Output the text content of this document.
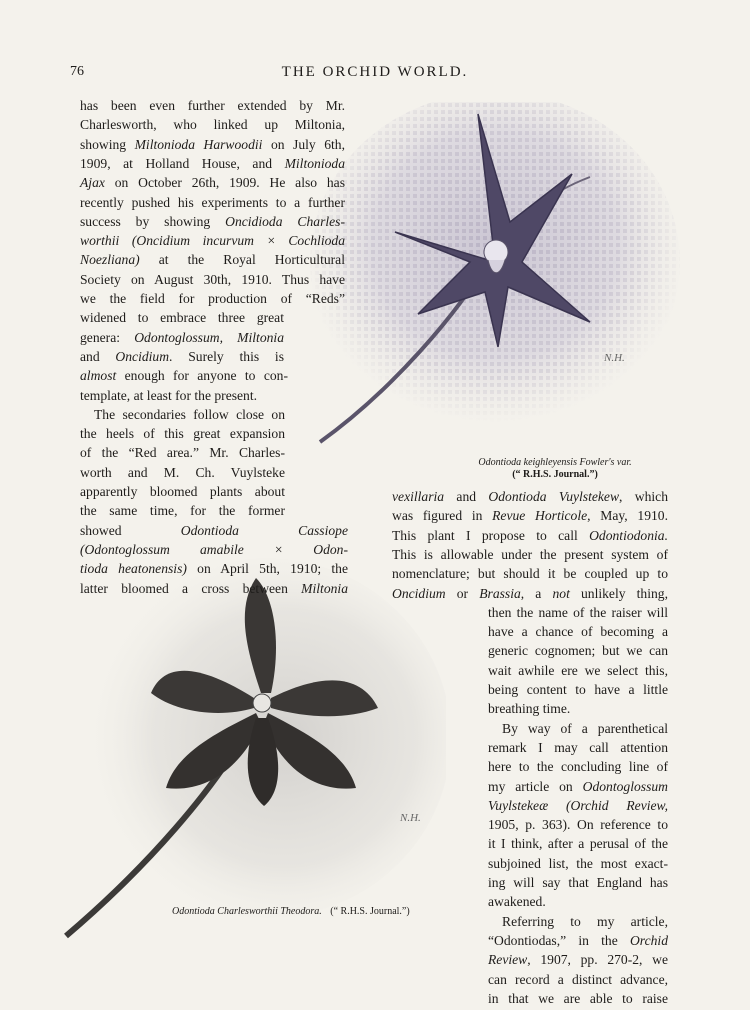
76	THE ORCHID WORLD.
N.H.
Odontioda keighleyensis Fowler's var.
(“ R.H.S. Journal.”)
N.H.
Odontioda Charlesworthii Theodora. (“ R.H.S. Journal.”)
has been even further extended by Mr.
Charlesworth, who linked up Miltonia,
showing Miltonioda Harwoodii on July 6th,
1909, at Holland House, and Miltonioda
Ajax on October 26th, 1909. He also has
recently pushed his experiments to a further
success by showing Oncidioda Charles-
worthii (Oncidium incurvum × Cochlioda
Noezliana) at the Royal Horticultural
Society on August 30th, 1910. Thus have
we the field for production of “Reds”
widened to embrace three great
genera: Odontoglossum, Miltonia
and Oncidium. Surely this is
almost enough for anyone to con-
template, at least for the present.
The secondaries follow close on
the heels of this great expansion
of the “Red area.” Mr. Charles-
worth and M. Ch. Vuylsteke
apparently bloomed plants about
the same time, for the former
showed Odontioda Cassiope
(Odontoglossum amabile × Odon-
tioda heatonensis) on April 5th, 1910; the
latter bloomed a cross between Miltonia
vexillaria and Odontioda Vuylstekew, which
was figured in Revue Horticole, May, 1910.
This plant I propose to call Odontiodonia.
This is allowable under the present system of
nomenclature; but should it be coupled up to
Oncidium or Brassia, a not unlikely thing,
then the name of the raiser will
have a chance of becoming a
generic cognomen; but we can
wait awhile ere we select this,
being content to have a little
breathing time.
By way of a parenthetical
remark I may call attention
here to the concluding line of
my article on Odontoglossum
Vuylstekeæ (Orchid Review,
1905, p. 363). On reference to
it I think, after a perusal of the
subjoined list, the most exact-
ing will say that England has
awakened.
Referring to my article,
“Odontiodas,” in the Orchid
Review, 1907, pp. 270-2, we
can record a distinct advance,
in that we are able to raise
